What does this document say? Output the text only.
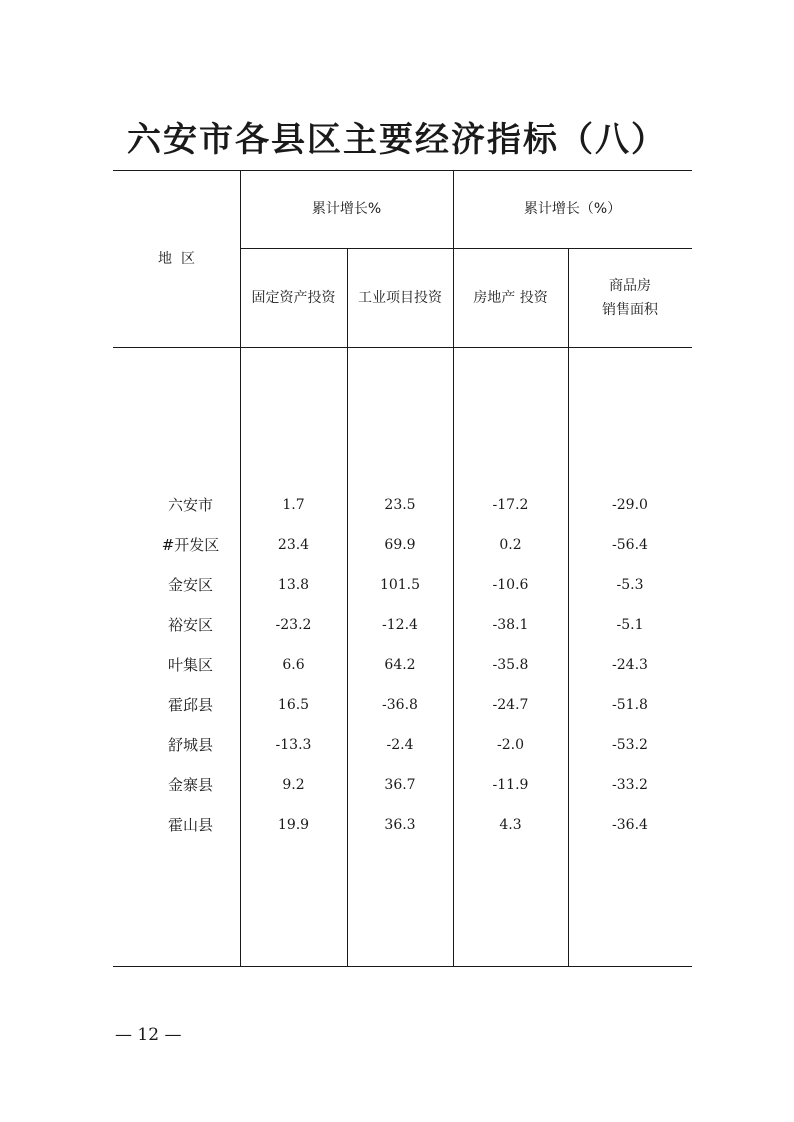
六安市各县区主要经济指标（八）
地  区
累计增长%	累计增长（%）
固定资产投资	工业项目投资	房地产 投资
商品房
销售面积
六安市	1.7	23.5	-17.2	-29.0
#开发区	23.4	69.9	0.2	-56.4
金安区	13.8	101.5	-10.6	-5.3
裕安区	-23.2	-12.4	-38.1	-5.1
叶集区	6.6	64.2	-35.8	-24.3
霍邱县	16.5	-36.8	-24.7	-51.8
舒城县	-13.3	-2.4	-2.0	-53.2
金寨县	9.2	36.7	-11.9	-33.2
霍山县	19.9	36.3	4.3	-36.4
— 12 —
